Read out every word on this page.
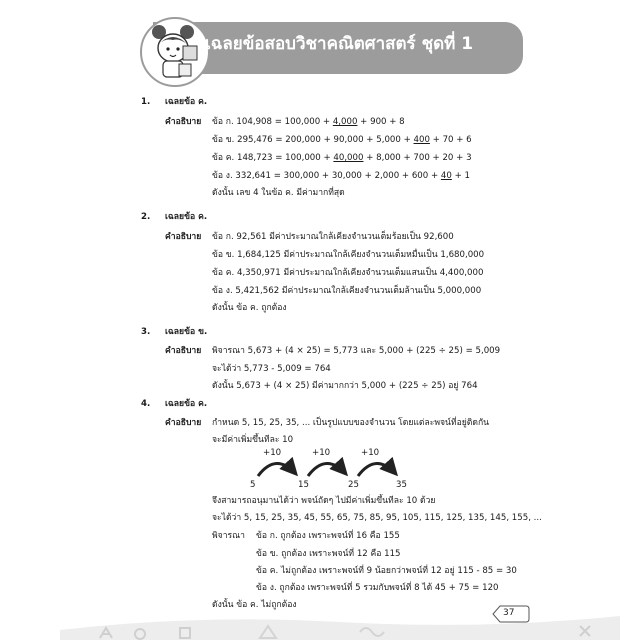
เฉลยข้อสอบวิชาคณิตศาสตร์ ชุดที่ 1
1. เฉลยข้อ ค.
คำอธิบาย ข้อ ก. 104,908 = 100,000 + 4,000 + 900 + 8
ข้อ ข. 295,476 = 200,000 + 90,000 + 5,000 + 400 + 70 + 6
ข้อ ค. 148,723 = 100,000 + 40,000 + 8,000 + 700 + 20 + 3
ข้อ ง. 332,641 = 300,000 + 30,000 + 2,000 + 600 + 40 + 1
ดังนั้น เลข 4 ในข้อ ค. มีค่ามากที่สุด
2. เฉลยข้อ ค.
คำอธิบาย ข้อ ก. 92,561 มีค่าประมาณใกล้เคียงจำนวนเต็มร้อยเป็น 92,600
ข้อ ข. 1,684,125 มีค่าประมาณใกล้เคียงจำนวนเต็มหมื่นเป็น 1,680,000
ข้อ ค. 4,350,971 มีค่าประมาณใกล้เคียงจำนวนเต็มแสนเป็น 4,400,000
ข้อ ง. 5,421,562 มีค่าประมาณใกล้เคียงจำนวนเต็มล้านเป็น 5,000,000
ดังนั้น ข้อ ค. ถูกต้อง
3. เฉลยข้อ ข.
คำอธิบาย พิจารณา 5,673 + (4 × 25) = 5,773 และ 5,000 + (225 ÷ 25) = 5,009
จะได้ว่า 5,773 - 5,009 = 764
ดังนั้น 5,673 + (4 × 25) มีค่ามากกว่า 5,000 + (225 ÷ 25) อยู่ 764
4. เฉลยข้อ ค.
คำอธิบาย กำหนด 5, 15, 25, 35, ... เป็นรูปแบบของจำนวน โดยแต่ละพจน์ที่อยู่ติดกัน
จะมีค่าเพิ่มขึ้นทีละ 10
+10	+10	+10
5	15	25	35
จึงสามารถอนุมานได้ว่า พจน์ถัดๆ ไปมีค่าเพิ่มขึ้นทีละ 10 ด้วย
จะได้ว่า 5, 15, 25, 35, 45, 55, 65, 75, 85, 95, 105, 115, 125, 135, 145, 155, ...
พิจารณา ข้อ ก. ถูกต้อง เพราะพจน์ที่ 16 คือ 155
ข้อ ข. ถูกต้อง เพราะพจน์ที่ 12 คือ 115
ข้อ ค. ไม่ถูกต้อง เพราะพจน์ที่ 9 น้อยกว่าพจน์ที่ 12 อยู่ 115 - 85 = 30
ข้อ ง. ถูกต้อง เพราะพจน์ที่ 5 รวมกับพจน์ที่ 8 ได้ 45 + 75 = 120
ดังนั้น ข้อ ค. ไม่ถูกต้อง
37
